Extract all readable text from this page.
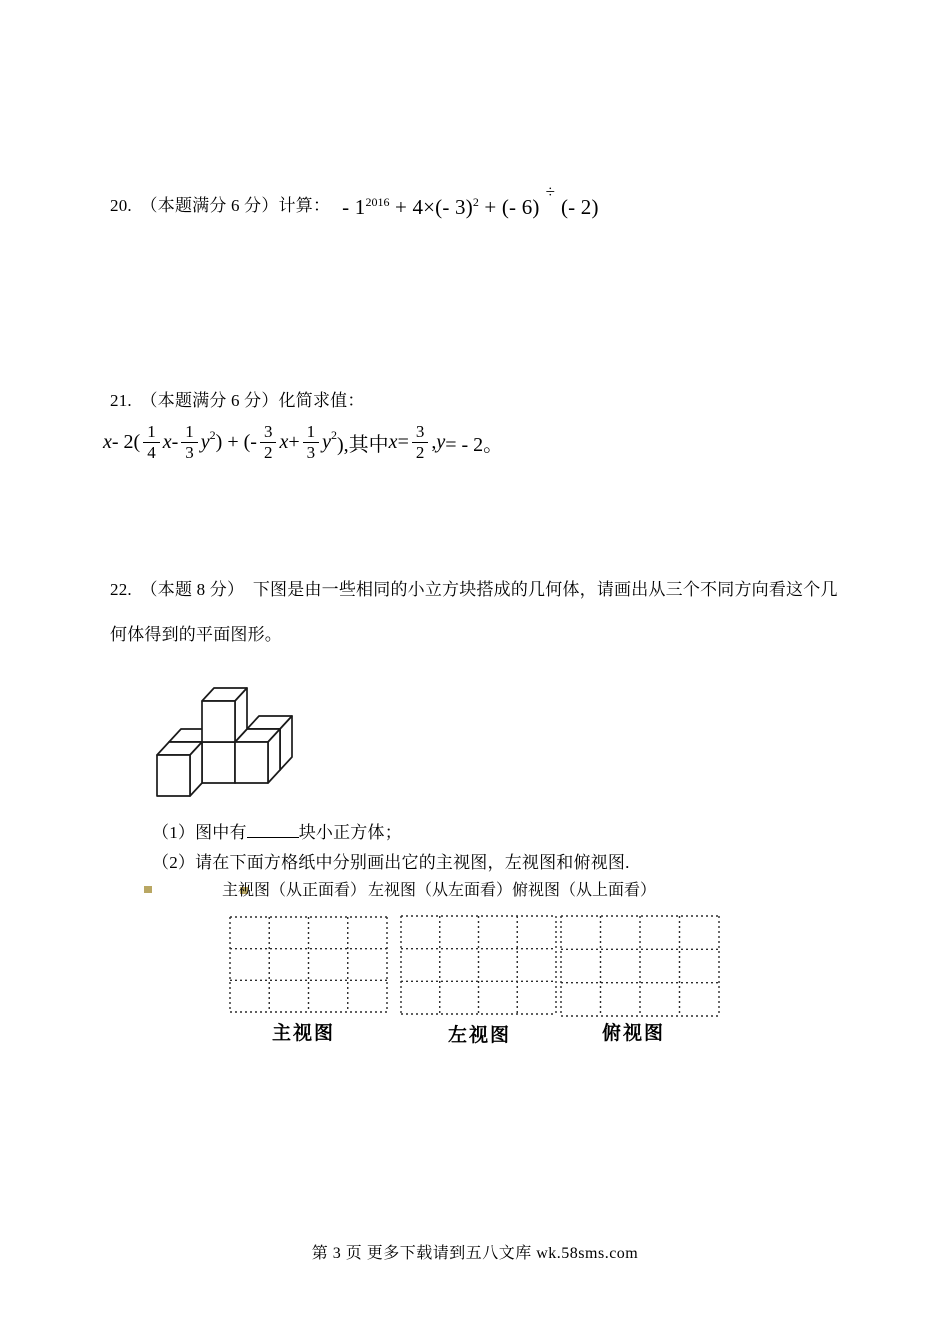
20.　（本题满分 6 分）计算： - $1^{2016} + 4\times(-$ 3)$^2$ + (- 6)÷(- 2)
21.　（本题满分 6 分）化简求值：
x - $2( \frac{1}{4}$ x - $\frac{1}{3}$ y 2 ) + (- $\frac{3}{2}$ $x + \frac{1}{3}$ y 2 ),其中 $x = \frac{3}{2}$ , y = - 2。
22.　（本题 8 分）　下图是由一些相同的小立方块搭成的几何体，请画出从三个不同方向看这个几
何体得到的平面图形。
（1）图中有	块小正方体；
（2）请在下面方格纸中分别画出它的主视图，左视图和俯视图.
主视图（从正面看） 左视图（从左面看） 俯视图（从上面看）
主视图	左视图	俯视图
第 3 页 更多下载请到五八文库 wk.58sms.com
